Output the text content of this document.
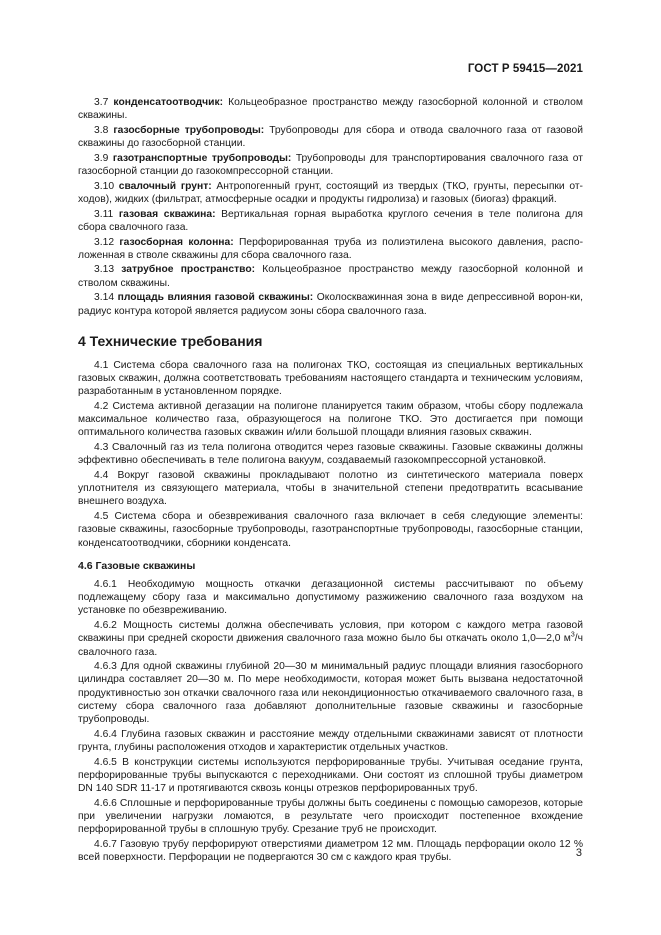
ГОСТ Р 59415—2021

3.7 конденсатоотводчик: Кольцеобразное пространство между газосборной колонной и стволом скважины.

3.8 газосборные трубопроводы: Трубопроводы для сбора и отвода свалочного газа от газовой скважины до газосборной станции.

3.9 газотранспортные трубопроводы: Трубопроводы для транспортирования свалочного газа от газосборной станции до газокомпрессорной станции.

3.10 свалочный грунт: Антропогенный грунт, состоящий из твердых (ТКО, грунты, пересыпки от-ходов), жидких (фильтрат, атмосферные осадки и продукты гидролиза) и газовых (биогаз) фракций.

3.11 газовая скважина: Вертикальная горная выработка круглого сечения в теле полигона для сбора свалочного газа.

3.12 газосборная колонна: Перфорированная труба из полиэтилена высокого давления, распо-ложенная в стволе скважины для сбора свалочного газа.

3.13 затрубное пространство: Кольцеобразное пространство между газосборной колонной и стволом скважины.

3.14 площадь влияния газовой скважины: Околоскважинная зона в виде депрессивной ворон-ки, радиус контура которой является радиусом зоны сбора свалочного газа.

4 Технические требования

4.1 Система сбора свалочного газа на полигонах ТКО, состоящая из специальных вертикальных газовых скважин, должна соответствовать требованиям настоящего стандарта и техническим условиям, разработанным в установленном порядке.

4.2 Система активной дегазации на полигоне планируется таким образом, чтобы сбору подлежала максимальное количество газа, образующегося на полигоне ТКО. Это достигается при помощи оптимального количества газовых скважин и/или большой площади влияния газовых скважин.

4.3 Свалочный газ из тела полигона отводится через газовые скважины. Газовые скважины должны эффективно обеспечивать в теле полигона вакуум, создаваемый газокомпрессорной установкой.

4.4 Вокруг газовой скважины прокладывают полотно из синтетического материала поверх уплотнителя из связующего материала, чтобы в значительной степени предотвратить всасывание внешнего воздуха.

4.5 Система сбора и обезвреживания свалочного газа включает в себя следующие элементы: газовые скважины, газосборные трубопроводы, газотранспортные трубопроводы, газосборные станции, конденсатоотводчики, сборники конденсата.

4.6 Газовые скважины

4.6.1 Необходимую мощность откачки дегазационной системы рассчитывают по объему подлежащему сбору газа и максимально допустимому разжижению свалочного газа воздухом на установке по обезвреживанию.

4.6.2 Мощность системы должна обеспечивать условия, при котором с каждого метра газовой скважины при средней скорости движения свалочного газа можно было бы откачать около 1,0—2,0 $м^3/ч$ свалочного газа.

4.6.3 Для одной скважины глубиной 20—30 м минимальный радиус площади влияния газосборного цилиндра составляет 20—30 м. По мере необходимости, которая может быть вызвана недостаточной продуктивностью зон откачки свалочного газа или некондиционностью откачиваемого свалочного газа, в систему сбора свалочного газа добавляют дополнительные газовые скважины и газосборные трубопроводы.

4.6.4 Глубина газовых скважин и расстояние между отдельными скважинами зависят от плотности грунта, глубины расположения отходов и характеристик отдельных участков.

4.6.5 В конструкции системы используются перфорированные трубы. Учитывая оседание грунта, перфорированные трубы выпускаются с переходниками. Они состоят из сплошной трубы диаметром DN 140 SDR 11-17 и протягиваются сквозь концы отрезков перфорированных труб.

4.6.6 Сплошные и перфорированные трубы должны быть соединены с помощью саморезов, которые при увеличении нагрузки ломаются, в результате чего происходит постепенное вхождение перфорированной трубы в сплошную трубу. Срезание труб не происходит.

4.6.7 Газовую трубу перфорируют отверстиями диаметром 12 мм. Площадь перфорации около 12 % всей поверхности. Перфорации не подвергаются 30 см с каждого края трубы.	3
